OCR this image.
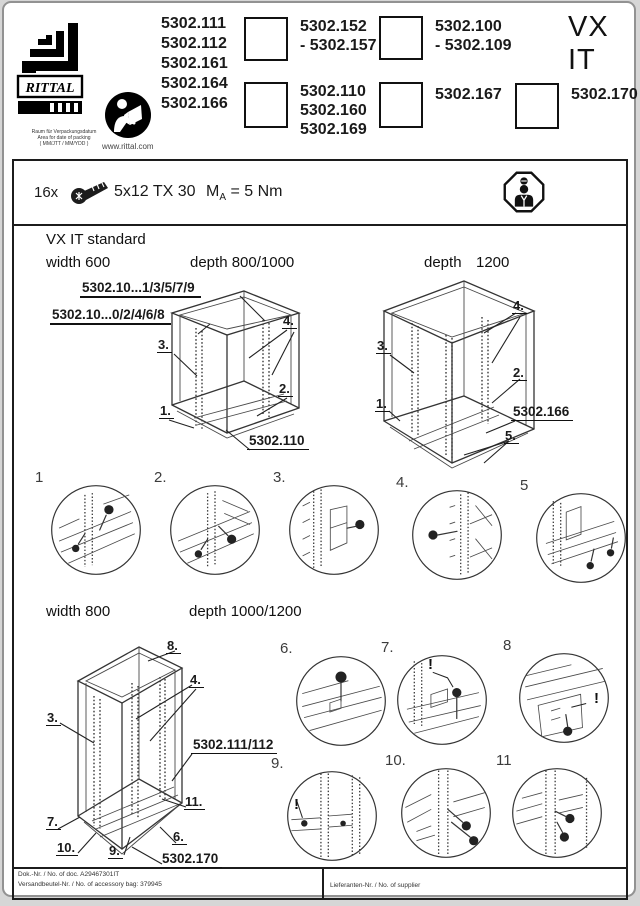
RITTAL
Raum für Verpackungsdatum
Area for date of packing
( MM/JTT / MM/YDD )	www.rittal.com
5302.111
5302.112
5302.161
5302.164
5302.166
5302.152
- 5302.157
5302.100
- 5302.109
5302.110
5302.160
5302.169
5302.167	5302.170
VX IT
16x	5x12 TX 30 $M_A = 5$ Nm
VX IT standard
width 600	depth 800/1000	depth 1200
5302.10...1/3/5/7/9
5302.10...0/2/4/6/8
3.
4.
1.
2.
5302.110
3.
4.
1.
2.
5302.166
5.
1	2.	3.	4.	5
width 800	depth 1000/1200
8.
3.
4.
5302.111/112
11.
7.
10.	9.
6.
5302.170
6.	7.
!
8
!
9.
!
10.	11
Dok.-Nr. / No. of doc. A29467301IT
Versandbeutel-Nr. / No. of accessory bag: 379945	Lieferanten-Nr. / No. of supplier
